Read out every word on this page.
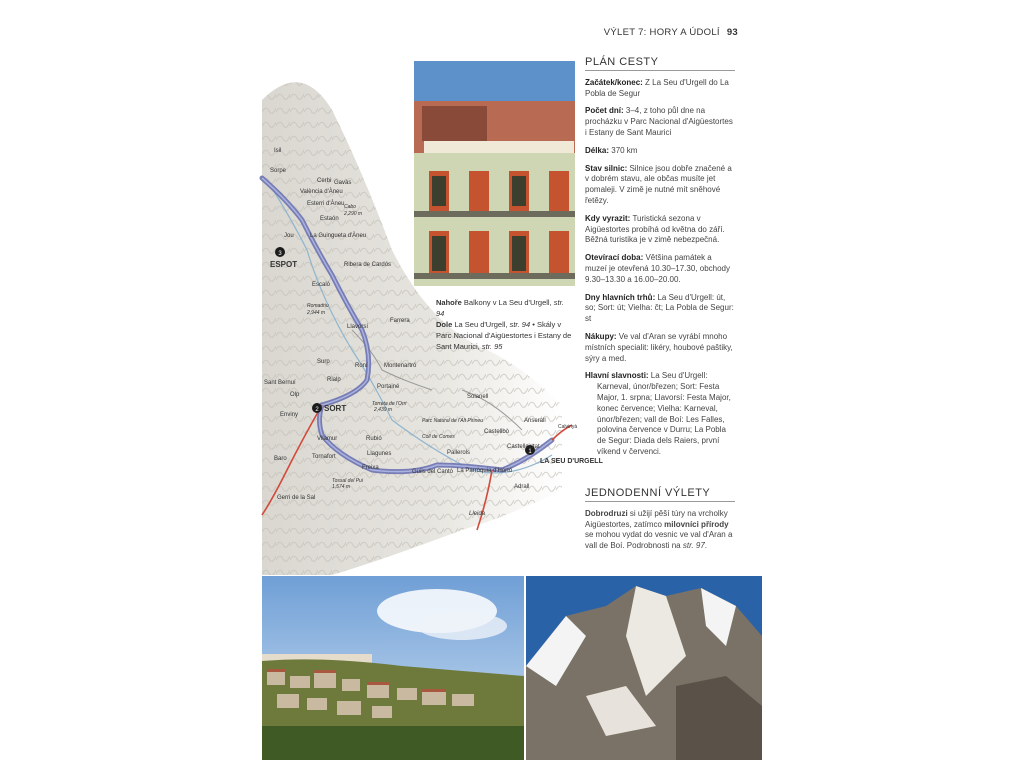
VÝLET 7: HORY A ÚDOLÍ 93
3
2
1
ESPOT
SORT
LA SEU D'URGELL
Isil
Sorpe
Cerbi
València d'Àneu
Gavàs
Esterri d'Àneu Cabo
2,290 m
Estaón
Jou	La Guingueta d'Àneu
Escaló
Ribera de Cardós
Romadriu
2,944 m
Llavorsí
Farrera
Surp
Rialp
Roní	Montenartró
Sant Bernuí
Portainé
Olp
Enviny
Vilamur	Rubió
Llagunes
Tornafort
Freixa
Baro
Gerri de la Sal
Guils del Cantó La Parròquia d'Hortó
Adrall
Castellbò
Solanell
Anserall
Castellciutat
Calvinyà
Pallerols
Lleida
Torreta de l'Orri
2,439 m
Tossal del Pui
1,574 m
Coll de Comes
Parc Natural de l'Alt Pirineu
Nahoře Balkony v La Seu d'Urgell, str. 94
Dole La Seu d'Urgell, str. 94 • Skály v Parc Nacional d'Aigüestortes i Estany de Sant Maurici, str. 95
PLÁN CESTY
Začátek/konec: Z La Seu d'Urgell do La Pobla de Segur
Počet dní: 3–4, z toho půl dne na procházku v Parc Nacional d'Aigüestortes i Estany de Sant Maurici
Délka: 370 km
Stav silnic: Silnice jsou dobře značené a v dobrém stavu, ale občas musíte jet pomaleji. V zimě je nutné mít sněhové řetězy.
Kdy vyrazit: Turistická sezona v Aigüestortes probíhá od května do září. Běžná turistika je v zimě nebezpečná.
Otevírací doba: Většina památek a muzeí je otevřená 10.30–17.30, obchody 9.30–13.30 a 16.00–20.00.
Dny hlavních trhů: La Seu d'Urgell: út, so; Sort: út; Vielha: čt; La Pobla de Segur: st
Nákupy: Ve val d'Aran se vyrábí mnoho místních specialit: likéry, houbové paštiky, sýry a med.
Hlavní slavnosti: La Seu d'Urgell: Karneval, únor/březen; Sort: Festa Major, 1. srpna; Llavorsí: Festa Major, konec července; Vielha: Karneval, únor/březen; vall de Boí: Les Falles, polovina července v Durru; La Pobla de Segur: Diada dels Raiers, první víkend v červenci.
JEDNODENNÍ VÝLETY
Dobrodruzi si užijí pěší túry na vrcholky Aigüestortes, zatímco milovníci přírody se mohou vydat do vesnic ve val d'Aran a vall de Boí. Podrobnosti na str. 97.
